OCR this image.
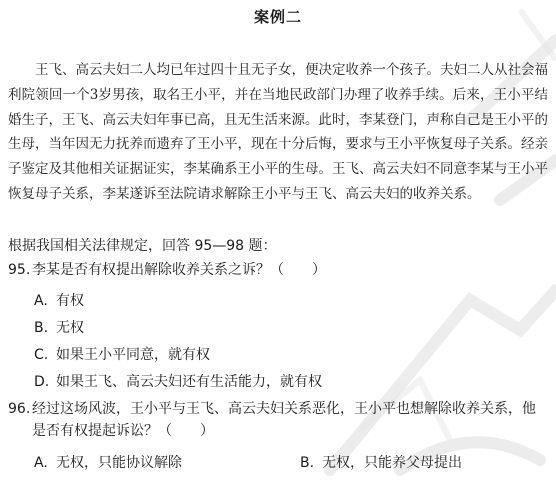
案例二
王飞、高云夫妇二人均已年过四十且无子女，便决定收养一个孩子。夫妇二人从社会福利院领回一个3岁男孩，取名王小平，并在当地民政部门办理了收养手续。后来，王小平结婚生子，王飞、高云夫妇年事已高，且无生活来源。此时，李某登门，声称自己是王小平的生母，当年因无力抚养而遗弃了王小平，现在十分后悔，要求与王小平恢复母子关系。经亲子鉴定及其他相关证据证实，李某确系王小平的生母。王飞、高云夫妇不同意李某与王小平恢复母子关系，李某遂诉至法院请求解除王小平与王飞、高云夫妇的收养关系。
根据我国相关法律规定，回答 95—98 题：
95. 李某是否有权提出解除收养关系之诉？（　　）
A. 有权
B. 无权
C. 如果王小平同意，就有权
D. 如果王飞、高云夫妇还有生活能力，就有权
96. 经过这场风波，王小平与王飞、高云夫妇关系恶化，王小平也想解除收养关系，他是否有权提起诉讼？（　　）
A. 无权，只能协议解除	B. 无权，只能养父母提出
